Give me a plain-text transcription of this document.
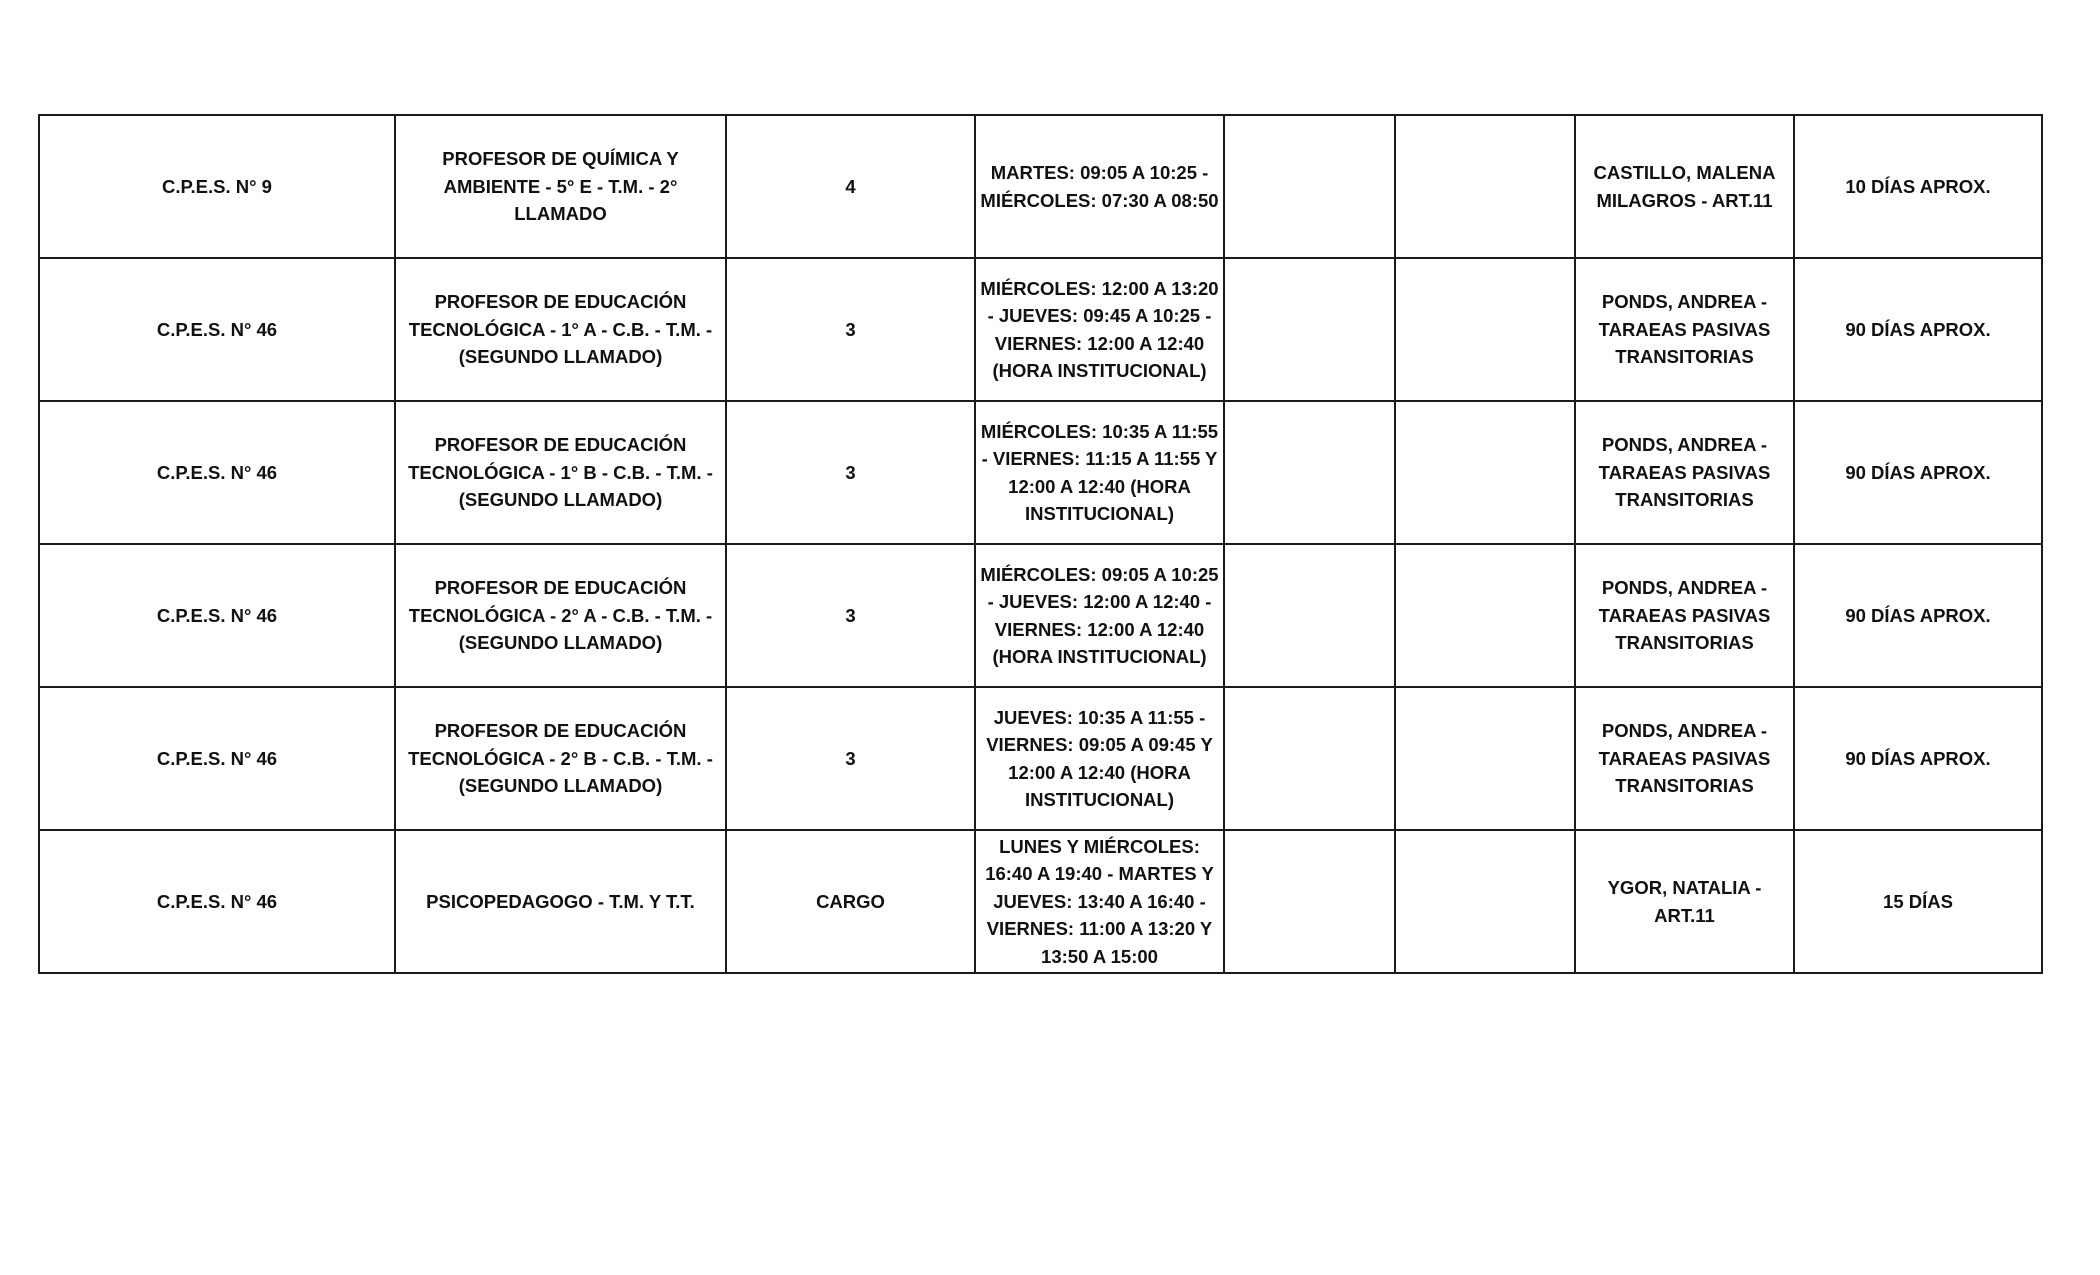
C.P.E.S. N° 9	PROFESOR DE QUÍMICA Y AMBIENTE - 5° E - T.M. - 2° LLAMADO	4	MARTES: 09:05 A 10:25 - MIÉRCOLES: 07:30 A 08:50			CASTILLO, MALENA MILAGROS - ART.11	10 DÍAS APROX.
C.P.E.S. N° 46	PROFESOR DE EDUCACIÓN TECNOLÓGICA - 1° A - C.B. - T.M. - (SEGUNDO LLAMADO)	3	MIÉRCOLES: 12:00 A 13:20 - JUEVES: 09:45 A 10:25 - VIERNES: 12:00 A 12:40 (HORA INSTITUCIONAL)			PONDS, ANDREA - TARAEAS PASIVAS TRANSITORIAS	90 DÍAS APROX.
C.P.E.S. N° 46	PROFESOR DE EDUCACIÓN TECNOLÓGICA - 1° B - C.B. - T.M. - (SEGUNDO LLAMADO)	3	MIÉRCOLES: 10:35 A 11:55 - VIERNES: 11:15 A 11:55 Y 12:00 A 12:40 (HORA INSTITUCIONAL)			PONDS, ANDREA - TARAEAS PASIVAS TRANSITORIAS	90 DÍAS APROX.
C.P.E.S. N° 46	PROFESOR DE EDUCACIÓN TECNOLÓGICA - 2° A - C.B. - T.M. - (SEGUNDO LLAMADO)	3	MIÉRCOLES: 09:05 A 10:25 - JUEVES: 12:00 A 12:40 - VIERNES: 12:00 A 12:40 (HORA INSTITUCIONAL)			PONDS, ANDREA - TARAEAS PASIVAS TRANSITORIAS	90 DÍAS APROX.
C.P.E.S. N° 46	PROFESOR DE EDUCACIÓN TECNOLÓGICA - 2° B - C.B. - T.M. - (SEGUNDO LLAMADO)	3	JUEVES: 10:35 A 11:55 - VIERNES: 09:05 A 09:45 Y 12:00 A 12:40 (HORA INSTITUCIONAL)			PONDS, ANDREA - TARAEAS PASIVAS TRANSITORIAS	90 DÍAS APROX.
C.P.E.S. N° 46	PSICOPEDAGOGO - T.M. Y T.T.	CARGO	LUNES Y MIÉRCOLES: 16:40 A 19:40 - MARTES Y JUEVES: 13:40 A 16:40 - VIERNES: 11:00 A 13:20 Y 13:50 A 15:00			YGOR, NATALIA - ART.11	15 DÍAS
